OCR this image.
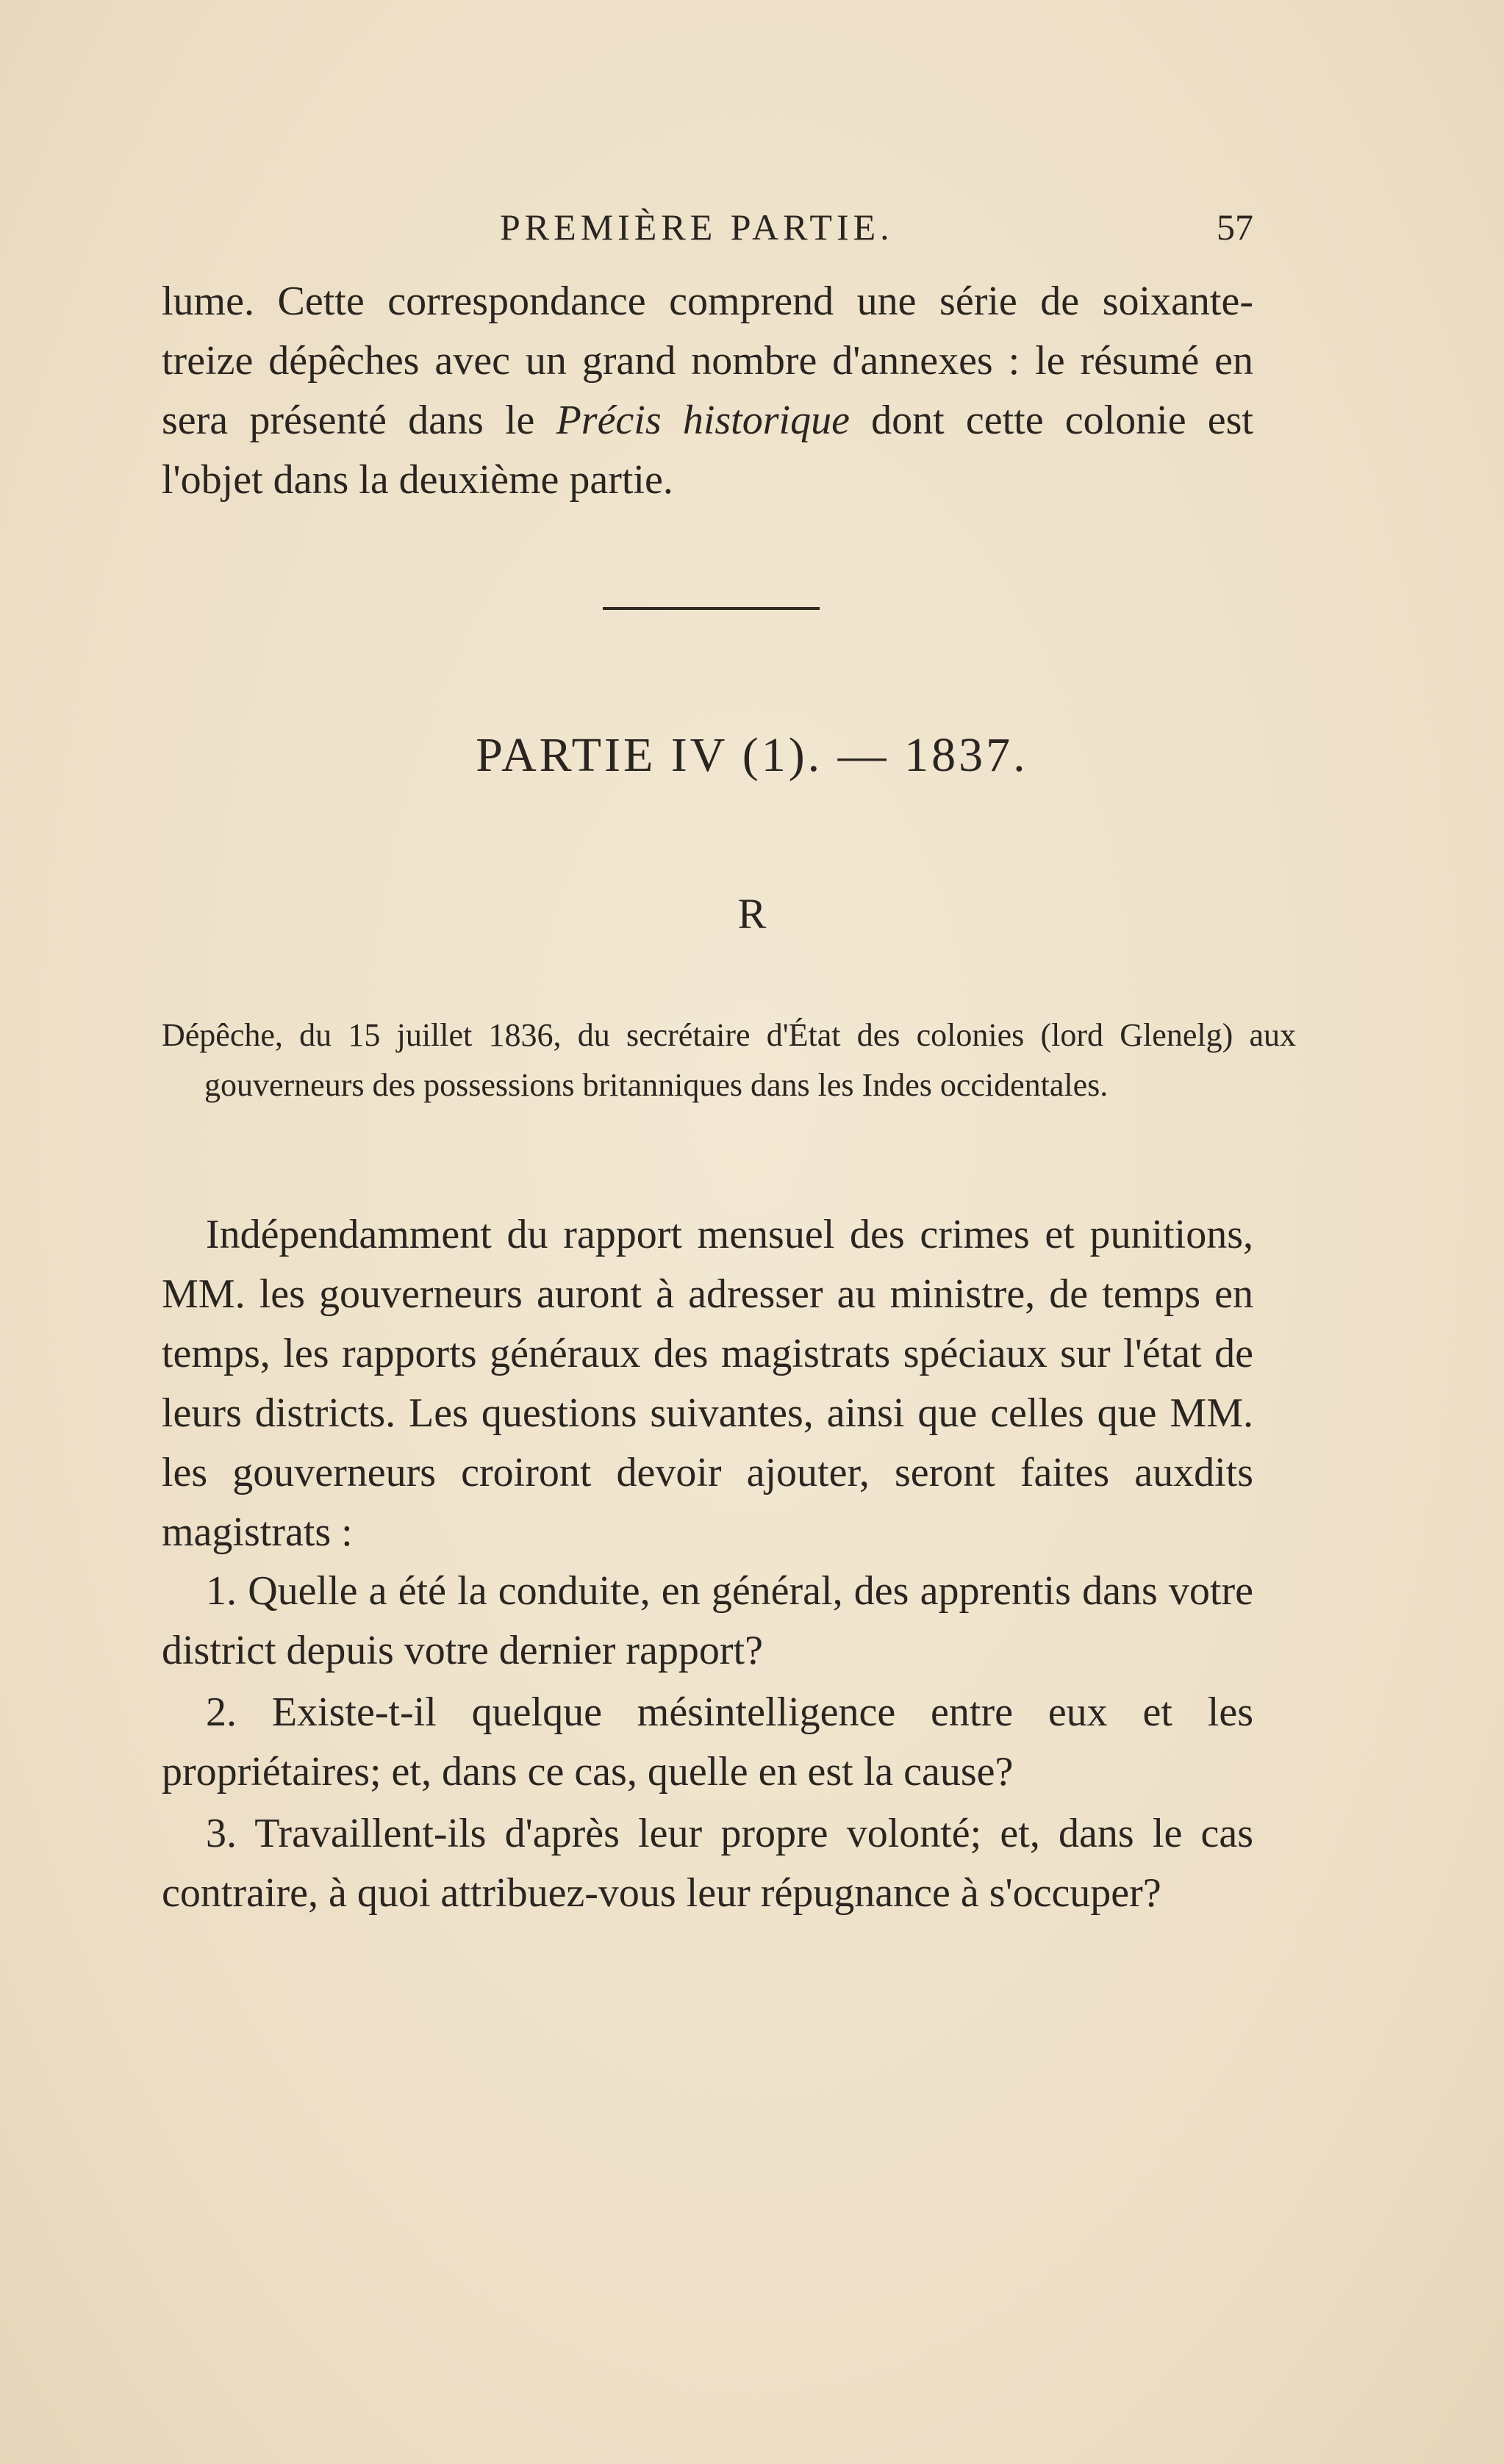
PREMIÈRE PARTIE.	57
lume. Cette correspondance comprend une série de soixante-treize dépêches avec un grand nombre d'annexes : le résumé en sera présenté dans le Précis historique dont cette colonie est l'objet dans la deuxième partie.
PARTIE IV (1). — 1837.
R
Dépêche, du 15 juillet 1836, du secrétaire d'État des colonies (lord Glenelg) aux gouverneurs des possessions britanniques dans les Indes occidentales.
Indépendamment du rapport mensuel des crimes et punitions, MM. les gouverneurs auront à adresser au ministre, de temps en temps, les rapports généraux des magistrats spéciaux sur l'état de leurs districts. Les questions suivantes, ainsi que celles que MM. les gouverneurs croiront devoir ajouter, seront faites auxdits magistrats :
1. Quelle a été la conduite, en général, des apprentis dans votre district depuis votre dernier rapport?
2. Existe-t-il quelque mésintelligence entre eux et les propriétaires; et, dans ce cas, quelle en est la cause?
3. Travaillent-ils d'après leur propre volonté; et, dans le cas contraire, à quoi attribuez-vous leur répugnance à s'occuper?
